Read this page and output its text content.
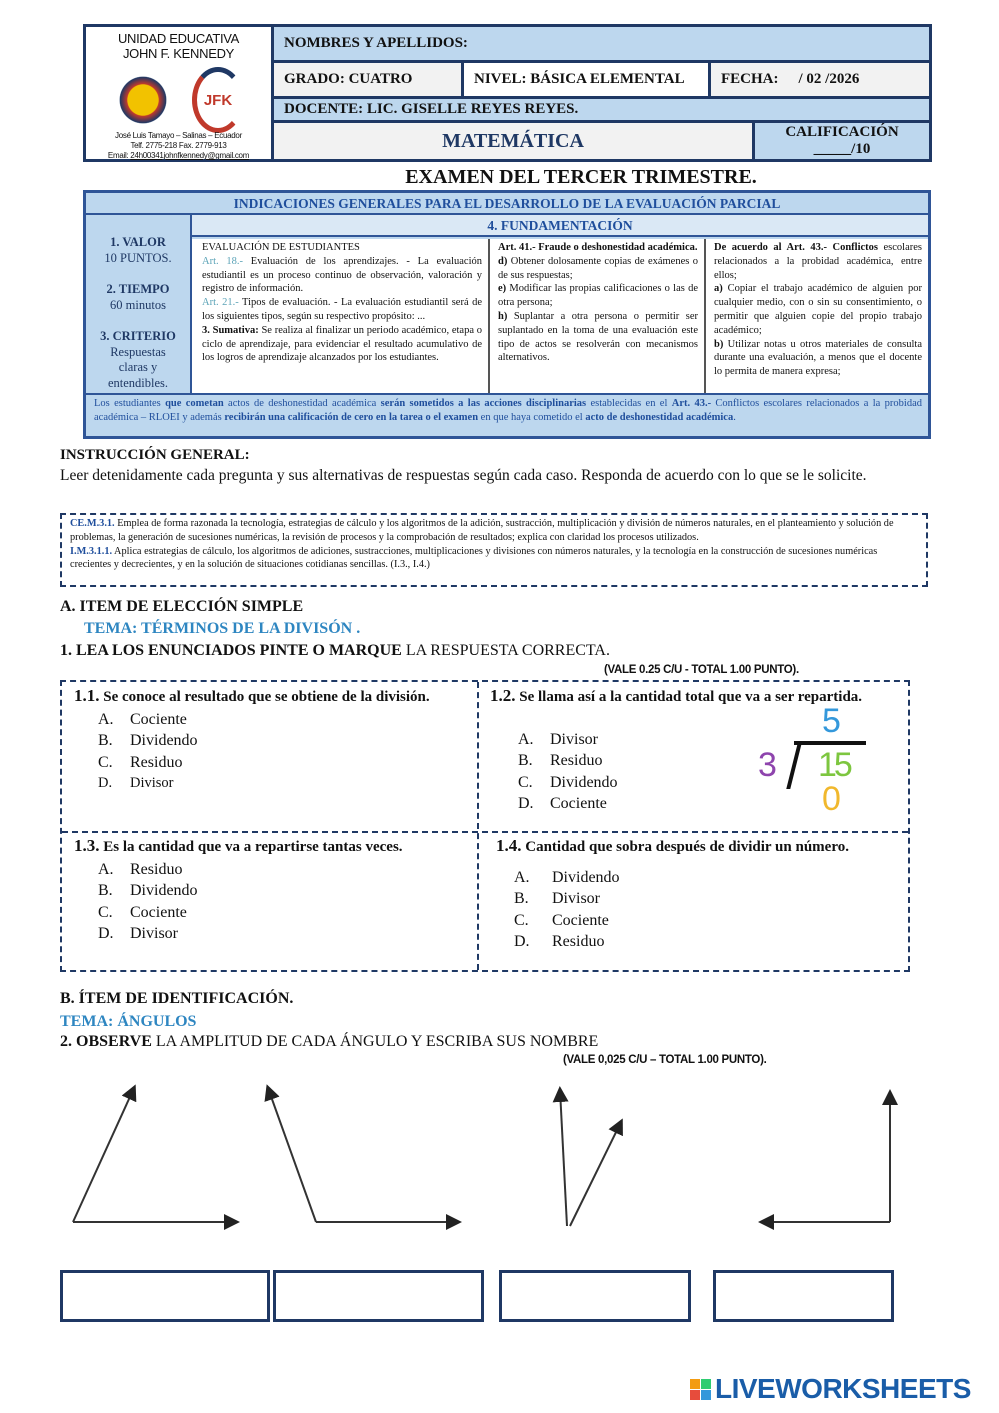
UNIDAD EDUCATIVA
JOHN F. KENNEDY
JFK
José Luis Tamayo – Salinas – Ecuador
Telf. 2775-218 Fax. 2779-913
Email: 24h00341johnfkennedy@gmail.com
NOMBRES Y APELLIDOS:
GRADO: CUATRO	NIVEL: BÁSICA ELEMENTAL FECHA: / 02 /2026
DOCENTE: LIC. GISELLE REYES REYES.
MATEMÁTICA	CALIFICACIÓN
_____/10
EXAMEN DEL TERCER TRIMESTRE.
INDICACIONES GENERALES PARA EL DESARROLLO DE LA EVALUACIÓN PARCIAL
1. VALOR
10 PUNTOS.
2. TIEMPO
60 minutos
3. CRITERIO
Respuestas claras y entendibles.
4. FUNDAMENTACIÓN
EVALUACIÓN DE ESTUDIANTES
Art. 18.- Evaluación de los aprendizajes. - La evaluación estudiantil es un proceso continuo de observación, valoración y registro de información.
Art. 21.- Tipos de evaluación. - La evaluación estudiantil será de los siguientes tipos, según su respectivo propósito: ...
3. Sumativa: Se realiza al finalizar un periodo académico, etapa o ciclo de aprendizaje, para evidenciar el resultado acumulativo de los logros de aprendizaje alcanzados por los estudiantes.
Art. 41.- Fraude o deshonestidad académica.
d) Obtener dolosamente copias de exámenes o de sus respuestas;
e) Modificar las propias calificaciones o las de otra persona;
h) Suplantar a otra persona o permitir ser suplantado en la toma de una evaluación este tipo de actos se resolverán con mecanismos alternativos.
De acuerdo al Art. 43.- Conflictos escolares relacionados a la probidad académica, entre ellos;
a) Copiar el trabajo académico de alguien por cualquier medio, con o sin su consentimiento, o permitir que alguien copie del propio trabajo académico;
b) Utilizar notas u otros materiales de consulta durante una evaluación, a menos que el docente lo permita de manera expresa;
Los estudiantes que cometan actos de deshonestidad académica serán sometidos a las acciones disciplinarias establecidas en el Art. 43.- Conflictos escolares relacionados a la probidad académica – RLOEI y además recibirán una calificación de cero en la tarea o el examen en que haya cometido el acto de deshonestidad académica.
INSTRUCCIÓN GENERAL:
Leer detenidamente cada pregunta y sus alternativas de respuestas según cada caso. Responda de acuerdo con lo que se le solicite.
CE.M.3.1. Emplea de forma razonada la tecnología, estrategias de cálculo y los algoritmos de la adición, sustracción, multiplicación y división de números naturales, en el planteamiento y solución de problemas, la generación de sucesiones numéricas, la revisión de procesos y la comprobación de resultados; explica con claridad los procesos utilizados.
I.M.3.1.1. Aplica estrategias de cálculo, los algoritmos de adiciones, sustracciones, multiplicaciones y divisiones con números naturales, y la tecnología en la construcción de sucesiones numéricas crecientes y decrecientes, y en la solución de situaciones cotidianas sencillas. (I.3., I.4.)
A. ITEM DE ELECCIÓN SIMPLE
TEMA: TÉRMINOS DE LA DIVISÓN .
1. LEA LOS ENUNCIADOS PINTE O MARQUE LA RESPUESTA CORRECTA.
(VALE 0.25 C/U - TOTAL 1.00 PUNTO).
1.1. Se conoce al resultado que se obtiene de la división.
A. Cociente
B. Dividendo
C. Residuo
D. Divisor
1.2. Se llama así a la cantidad total que va a ser repartida.
A. Divisor
B. Residuo
C. Dividendo
D. Cociente
5
3 15
0
1.3. Es la cantidad que va a repartirse tantas veces.
A. Residuo
B. Dividendo
C. Cociente
D. Divisor
1.4. Cantidad que sobra después de dividir un número.
A. Dividendo
B. Divisor
C. Cociente
D. Residuo
B. ÍTEM DE IDENTIFICACIÓN.
TEMA: ÁNGULOS
2. OBSERVE LA AMPLITUD DE CADA ÁNGULO Y ESCRIBA SUS NOMBRE
(VALE 0,025 C/U – TOTAL 1.00 PUNTO).
LIVEWORKSHEETS
